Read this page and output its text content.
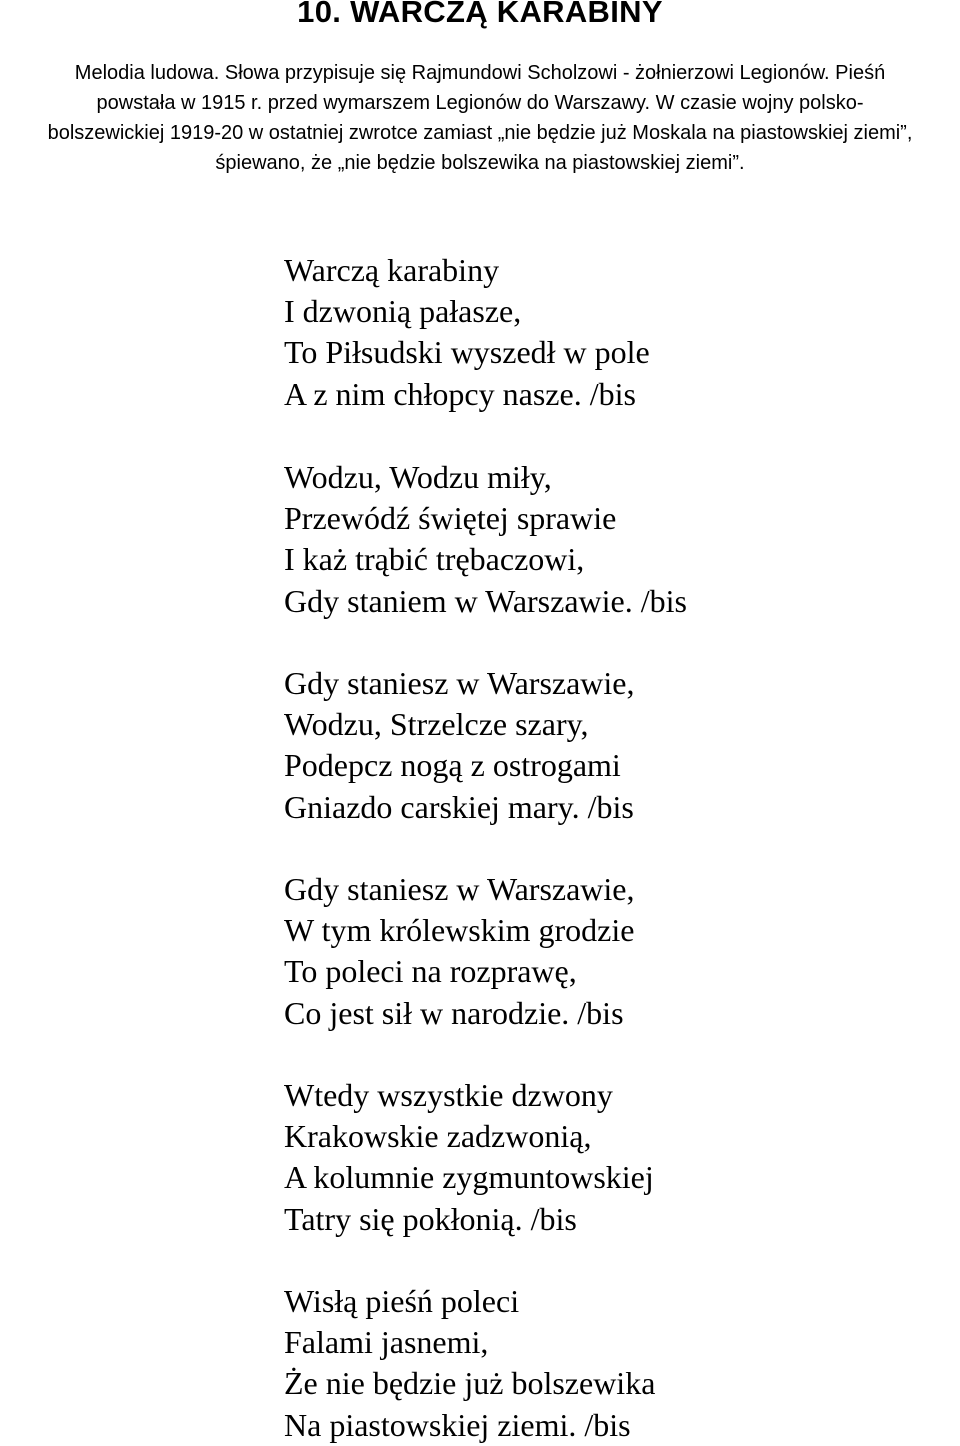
10. WARCZĄ KARABINY
Melodia ludowa. Słowa przypisuje się Rajmundowi Scholzowi - żołnierzowi Legionów. Pieśń
powstała w 1915 r. przed wymarszem Legionów do Warszawy. W czasie wojny polsko-
bolszewickiej 1919-20 w ostatniej zwrotce zamiast „nie będzie już Moskala na piastowskiej ziemi”,
śpiewano, że „nie będzie bolszewika na piastowskiej ziemi”.
Warczą karabiny
I dzwonią pałasze,
To Piłsudski wyszedł w pole
A z nim chłopcy nasze. /bis
Wodzu, Wodzu miły,
Przewódź świętej sprawie
I każ trąbić trębaczowi,
Gdy staniem w Warszawie. /bis
Gdy staniesz w Warszawie,
Wodzu, Strzelcze szary,
Podepcz nogą z ostrogami
Gniazdo carskiej mary. /bis
Gdy staniesz w Warszawie,
W tym królewskim grodzie
To poleci na rozprawę,
Co jest sił w narodzie. /bis
Wtedy wszystkie dzwony
Krakowskie zadzwonią,
A kolumnie zygmuntowskiej
Tatry się pokłonią. /bis
Wisłą pieśń poleci
Falami jasnemi,
Że nie będzie już bolszewika
Na piastowskiej ziemi. /bis
